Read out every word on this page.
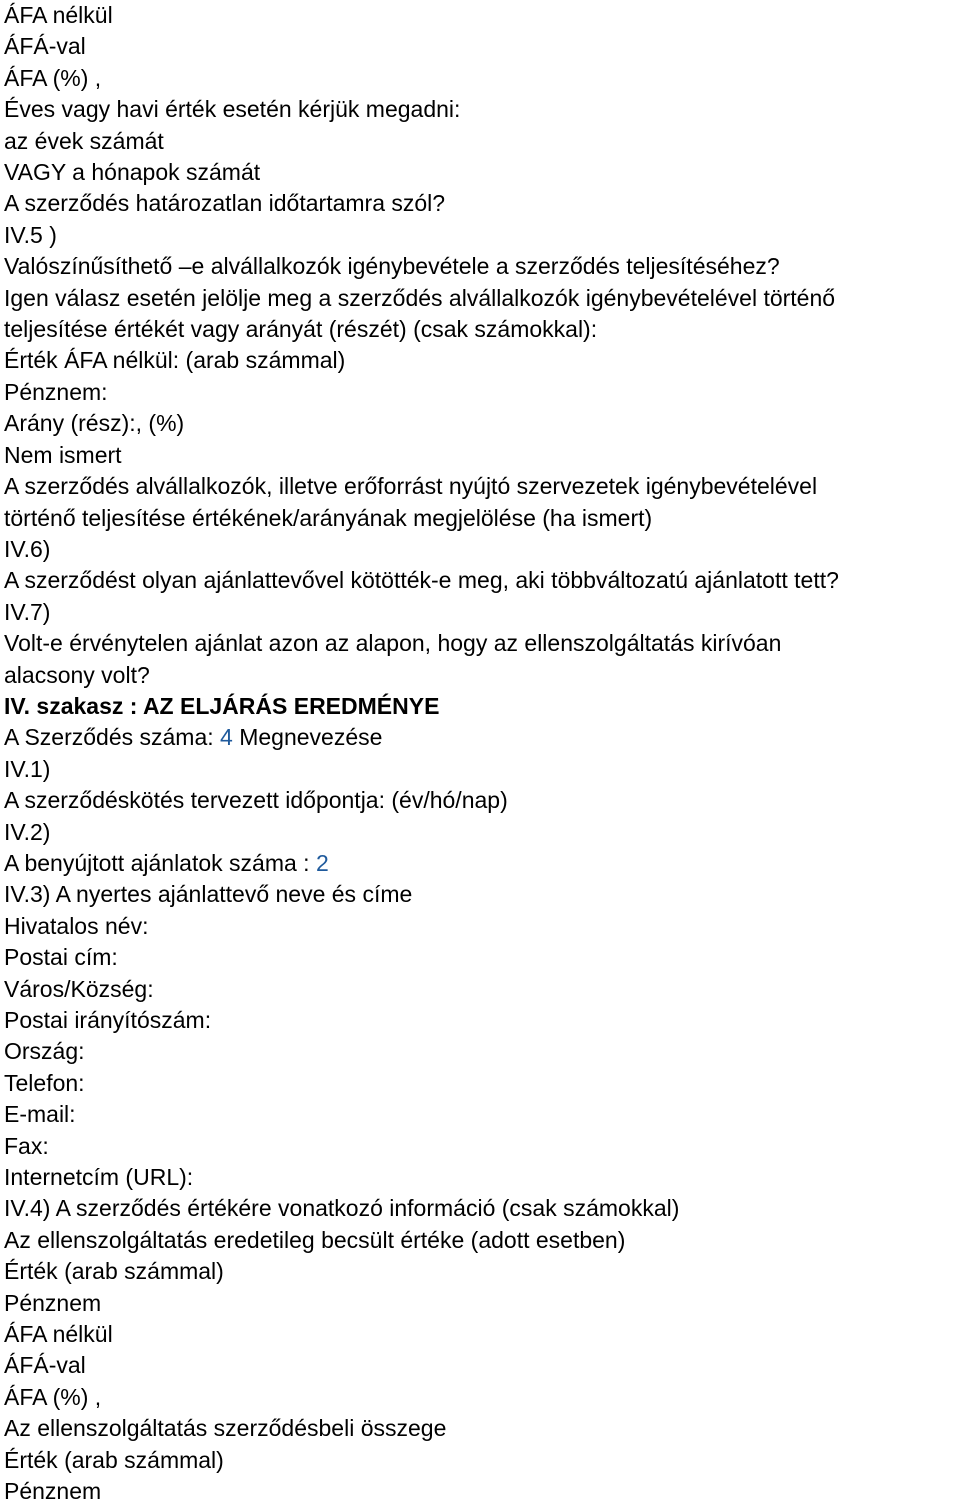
ÁFA nélkül
ÁFÁ-val
ÁFA (%) ,
Éves vagy havi érték esetén kérjük megadni:
az évek számát
VAGY a hónapok számát
A szerződés határozatlan időtartamra szól?
IV.5 )
Valószínűsíthető –e alvállalkozók igénybevétele a szerződés teljesítéséhez?
Igen válasz esetén jelölje meg a szerződés alvállalkozók igénybevételével történő
teljesítése értékét vagy arányát (részét) (csak számokkal):
Érték ÁFA nélkül: (arab számmal)
Pénznem:
Arány (rész):, (%)
Nem ismert
A szerződés alvállalkozók, illetve erőforrást nyújtó szervezetek igénybevételével
történő teljesítése értékének/arányának megjelölése (ha ismert)
IV.6)
A szerződést olyan ajánlattevővel kötötték-e meg, aki többváltozatú ajánlatott tett?
IV.7)
Volt-e érvénytelen ajánlat azon az alapon, hogy az ellenszolgáltatás kirívóan
alacsony volt?
IV. szakasz : AZ ELJÁRÁS EREDMÉNYE
A Szerződés száma: 4 Megnevezése
IV.1)
A szerződéskötés tervezett időpontja: (év/hó/nap)
IV.2)
A benyújtott ajánlatok száma : 2
IV.3) A nyertes ajánlattevő neve és címe
Hivatalos név:
Postai cím:
Város/Község:
Postai irányítószám:
Ország:
Telefon:
E-mail:
Fax:
Internetcím (URL):
IV.4) A szerződés értékére vonatkozó információ (csak számokkal)
Az ellenszolgáltatás eredetileg becsült értéke (adott esetben)
Érték (arab számmal)
Pénznem
ÁFA nélkül
ÁFÁ-val
ÁFA (%) ,
Az ellenszolgáltatás szerződésbeli összege
Érték (arab számmal)
Pénznem
